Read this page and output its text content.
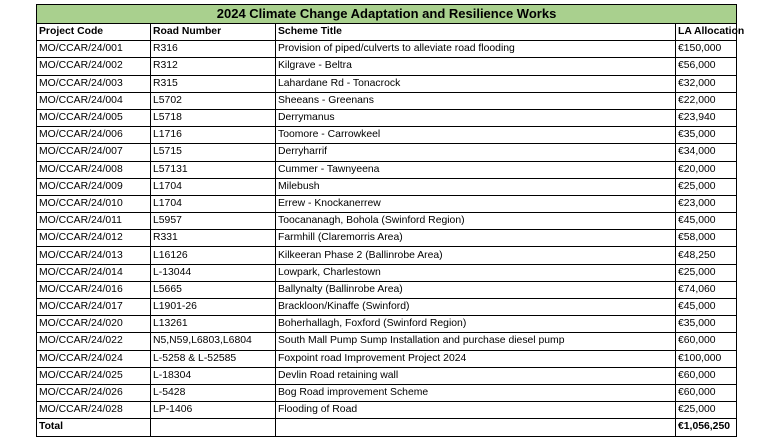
2024 Climate Change Adaptation and Resilience Works			
Project Code	Road Number	Scheme Title	LA Allocation
MO/CCAR/24/001	R316	Provision of piped/culverts to alleviate road flooding	€150,000
MO/CCAR/24/002	R312	Kilgrave - Beltra	€56,000
MO/CCAR/24/003	R315	Lahardane Rd - Tonacrock	€32,000
MO/CCAR/24/004	L5702	Sheeans - Greenans	€22,000
MO/CCAR/24/005	L5718	Derrymanus	€23,940
MO/CCAR/24/006	L1716	Toomore - Carrowkeel	€35,000
MO/CCAR/24/007	L5715	Derryharrif	€34,000
MO/CCAR/24/008	L57131	Cummer - Tawnyeena	€20,000
MO/CCAR/24/009	L1704	Milebush	€25,000
MO/CCAR/24/010	L1704	Errew - Knockanerrew	€23,000
MO/CCAR/24/011	L5957	Toocananagh, Bohola (Swinford Region)	€45,000
MO/CCAR/24/012	R331	Farmhill (Claremorris Area)	€58,000
MO/CCAR/24/013	L16126	Kilkeeran Phase 2 (Ballinrobe Area)	€48,250
MO/CCAR/24/014	L-13044	Lowpark, Charlestown	€25,000
MO/CCAR/24/016	L5665	Ballynalty (Ballinrobe Area)	€74,060
MO/CCAR/24/017	L1901-26	Brackloon/Kinaffe (Swinford)	€45,000
MO/CCAR/24/020	L13261	Boherhallagh, Foxford (Swinford Region)	€35,000
MO/CCAR/24/022	N5,N59,L6803,L6804	South Mall Pump Sump Installation and purchase diesel pump	€60,000
MO/CCAR/24/024	L-5258 & L-52585	Foxpoint road Improvement Project 2024	€100,000
MO/CCAR/24/025	L-18304	Devlin Road retaining wall	€60,000
MO/CCAR/24/026	L-5428	Bog Road improvement Scheme	€60,000
MO/CCAR/24/028	LP-1406	Flooding of Road	€25,000
Total			€1,056,250
